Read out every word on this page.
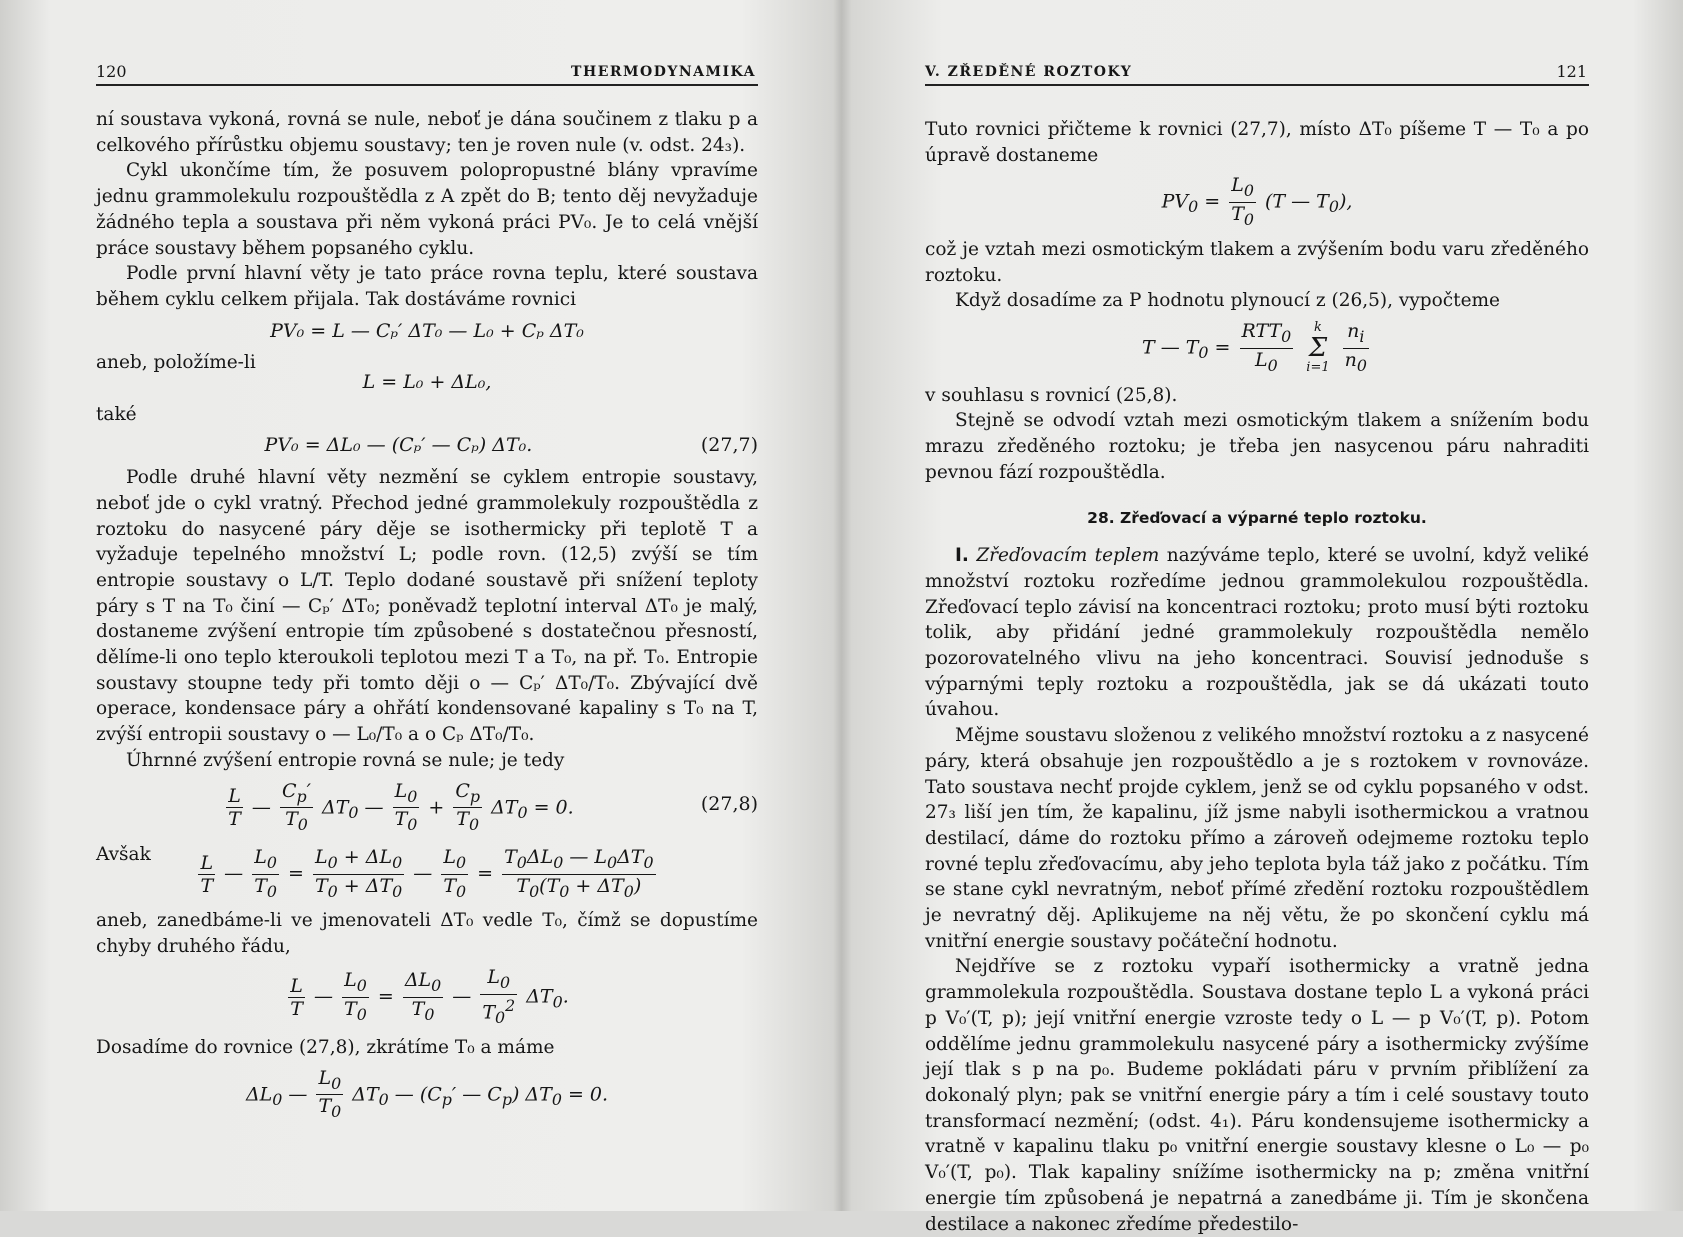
120	THERMODYNAMIKA

ní soustava vykoná, rovná se nule, neboť je dána součinem z tlaku p a celkového přírůstku objemu soustavy; ten je roven nule (v. odst. 24₃).

Cykl ukončíme tím, že posuvem polopropustné blány vpravíme jednu grammolekulu rozpouštědla z A zpět do B; tento děj nevyžaduje žádného tepla a soustava při něm vykoná práci PV₀. Je to celá vnější práce soustavy během popsaného cyklu.

Podle první hlavní věty je tato práce rovna teplu, které soustava během cyklu celkem přijala. Tak dostáváme rovnici

PV₀ = L — Cₚ′ ΔT₀ — L₀ + Cₚ ΔT₀
aneb, položíme-li
L = L₀ + ΔL₀,
také
PV₀ = ΔL₀ — (Cₚ′ — Cₚ) ΔT₀.	(27,7)

Podle druhé hlavní věty nezmění se cyklem entropie soustavy, neboť jde o cykl vratný. Přechod jedné grammolekuly rozpouštědla z roztoku do nasycené páry děje se isothermicky při teplotě T a vyžaduje tepelného množství L; podle rovn. (12,5) zvýší se tím entropie soustavy o L/T. Teplo dodané soustavě při snížení teploty páry s T na T₀ činí — Cₚ′ ΔT₀; poněvadž teplotní interval ΔT₀ je malý, dostaneme zvýšení entropie tím způsobené s dostatečnou přesností, dělíme-li ono teplo kteroukoli teplotou mezi T a T₀, na př. T₀. Entropie soustavy stoupne tedy při tomto ději o — Cₚ′ ΔT₀/T₀. Zbývající dvě operace, kondensace páry a ohřátí kondensované kapaliny s T₀ na T, zvýší entropii soustavy o — L₀/T₀ a o Cₚ ΔT₀/T₀.

Úhrnné zvýšení entropie rovná se nule; je tedy

$\frac{L}{T}$ — $\frac{C_p'}{T_0} \Delta T_0$ — $\frac{L_0}{T_0} + \frac{C_p}{T_0} \Delta T_0 = 0$.	(27,8)
Avšak	$\frac{L}{T}$ — $\frac{L_0}{T_0} = \frac{L_0 + \Delta L_0}{T_0 + \Delta T_0}$ — $\frac{L_0}{T_0} = \frac{T_0\Delta L_0 — L_0\Delta T_0}{T_0(T_0 + \Delta T_0)}$

aneb, zanedbáme-li ve jmenovateli ΔT₀ vedle T₀, čímž se dopustíme chyby druhého řádu,

$\frac{L}{T}$ — $\frac{L_0}{T_0} = \frac{\Delta L_0}{T_0}$ — $\frac{L_0}{T_0^2} \Delta T_0$.

Dosadíme do rovnice (27,8), zkrátíme T₀ a máme

$\Delta L_0$ — $\frac{L_0}{T_0} \Delta T_0$ — ($C_p'$ — $C_p$) $\Delta T_0 = 0$.
V. ZŘEDĚNÉ ROZTOKY	121

Tuto rovnici přičteme k rovnici (27,7), místo ΔT₀ píšeme T — T₀ a po úpravě dostaneme

$PV_0 = \frac{L_0}{T_0} (T$ — $T_0$),

což je vztah mezi osmotickým tlakem a zvýšením bodu varu zředěného roztoku.

Když dosadíme za P hodnotu plynoucí z (26,5), vypočteme

T — $T_0 = \frac{RTT_0}{L_0}$
	k
Σ
i=1
$\frac{n_i}{n_0}$

v souhlasu s rovnicí (25,8).

Stejně se odvodí vztah mezi osmotickým tlakem a snížením bodu mrazu zředěného roztoku; je třeba jen nasycenou páru nahraditi pevnou fází rozpouštědla.

28. Zřeďovací a výparné teplo roztoku.

I. Zřeďovacím teplem nazýváme teplo, které se uvolní, když veliké množství roztoku rozředíme jednou grammolekulou rozpouštědla. Zřeďovací teplo závisí na koncentraci roztoku; proto musí býti roztoku tolik, aby přidání jedné grammolekuly rozpouštědla nemělo pozorovatelného vlivu na jeho koncentraci. Souvisí jednoduše s výparnými teply roztoku a rozpouštědla, jak se dá ukázati touto úvahou.

Mějme soustavu složenou z velikého množství roztoku a z nasycené páry, která obsahuje jen rozpouštědlo a je s roztokem v rovnováze. Tato soustava nechť projde cyklem, jenž se od cyklu popsaného v odst. 27₃ liší jen tím, že kapalinu, jíž jsme nabyli isothermickou a vratnou destilací, dáme do roztoku přímo a zároveň odejmeme roztoku teplo rovné teplu zřeďovacímu, aby jeho teplota byla táž jako z počátku. Tím se stane cykl nevratným, neboť přímé zředění roztoku rozpouštědlem je nevratný děj. Aplikujeme na něj větu, že po skončení cyklu má vnitřní energie soustavy počáteční hodnotu.

Nejdříve se z roztoku vypaří isothermicky a vratně jedna grammolekula rozpouštědla. Soustava dostane teplo L a vykoná práci p V₀′(T, p); její vnitřní energie vzroste tedy o L — p V₀′(T, p). Potom oddělíme jednu grammolekulu nasycené páry a isothermicky zvýšíme její tlak s p na p₀. Budeme pokládati páru v prvním přiblížení za dokonalý plyn; pak se vnitřní energie páry a tím i celé soustavy touto transformací nezmění; (odst. 4₁). Páru kondensujeme isothermicky a vratně v kapalinu tlaku p₀ vnitřní energie soustavy klesne o L₀ — p₀ V₀′(T, p₀). Tlak kapaliny snížíme isothermicky na p; změna vnitřní energie tím způsobená je nepatrná a zanedbáme ji. Tím je skončena destilace a nakonec zředíme předestilo-
